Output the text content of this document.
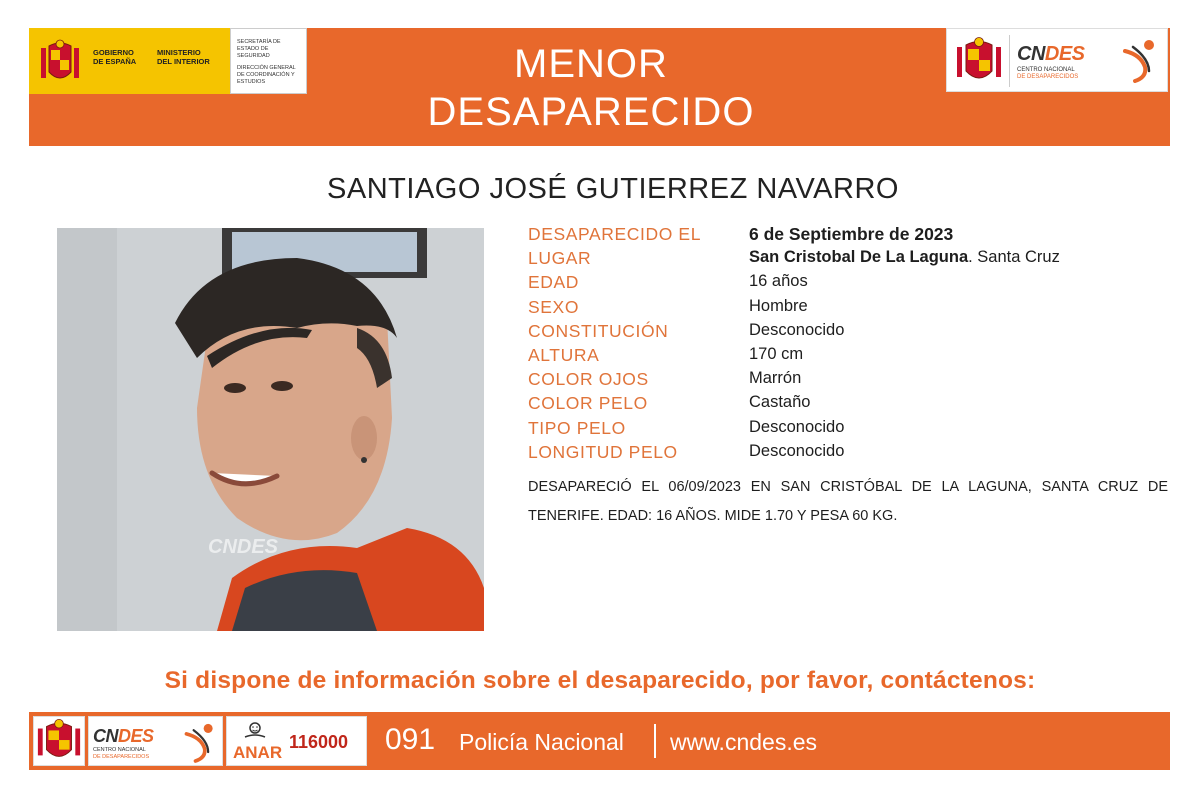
GOBIERNO
DE ESPAÑA
MINISTERIO
DEL INTERIOR
SECRETARÍA DE ESTADO DE SEGURIDAD
DIRECCIÓN GENERAL DE COORDINACIÓN Y ESTUDIOS	MENOR
DESAPARECIDO
CNDES
CENTRO NACIONAL
DE DESAPARECIDOS
SANTIAGO JOSÉ GUTIERREZ NAVARRO
CNDES
DESAPARECIDO EL	6 de Septiembre de 2023
LUGAR	San Cristobal De La Laguna. Santa Cruz
EDAD	16 años
SEXO	Hombre
CONSTITUCIÓN	Desconocido
ALTURA	170 cm
COLOR OJOS	Marrón
COLOR PELO	Castaño
TIPO PELO	Desconocido
LONGITUD PELO	Desconocido
DESAPARECIÓ EL 06/09/2023 EN SAN CRISTÓBAL DE LA LAGUNA, SANTA CRUZ DE TENERIFE. EDAD: 16 AÑOS. MIDE 1.70 Y PESA 60 KG.
Si dispone de información sobre el desaparecido, por favor, contáctenos:
CNDES
CENTRO NACIONAL
DE DESAPARECIDOS	ANAR
116000 091 Policía Nacional www.cndes.es
